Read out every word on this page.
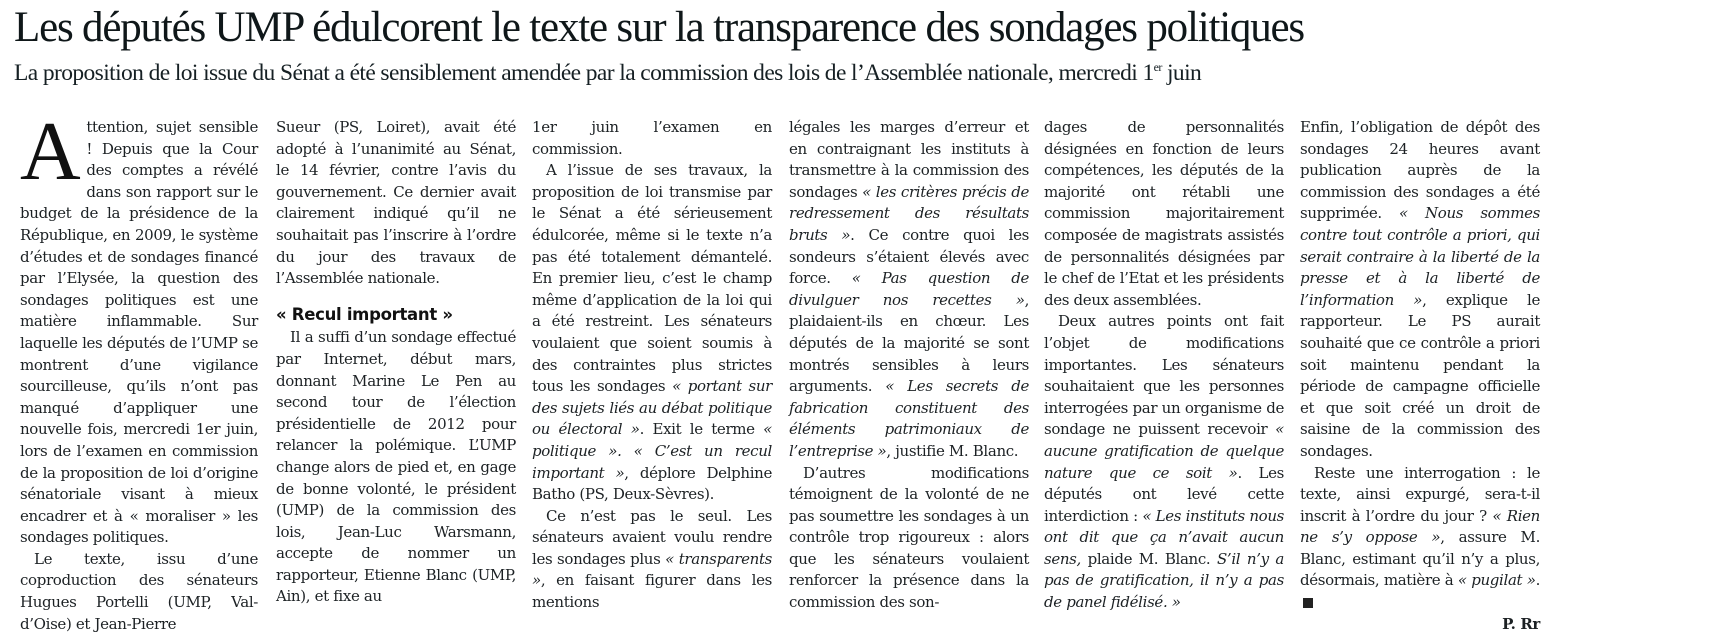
Les députés UMP édulcorent le texte sur la transparence des sondages politiques
La proposition de loi issue du Sénat a été sensiblement amendée par la commission des lois de l’Assemblée nationale, mercredi 1er juin

Attention, sujet sensible ! Depuis que la Cour des comptes a révélé dans son rapport sur le budget de la présidence de la République, en 2009, le système d’études et de sondages financé par l’Elysée, la question des sondages politiques est une matière inflammable. Sur laquelle les députés de l’UMP se montrent d’une vigilance sourcilleuse, qu’ils n’ont pas manqué d’appliquer une nouvelle fois, mercredi 1er juin, lors de l’examen en commission de la proposition de loi d’origine sénatoriale visant à mieux encadrer et à « moraliser » les sondages politiques.

Le texte, issu d’une coproduction des sénateurs Hugues Portelli (UMP, Val-d’Oise) et Jean-Pierre

Sueur (PS, Loiret), avait été adopté à l’unanimité au Sénat, le 14 février, contre l’avis du gouvernement. Ce dernier avait clairement indiqué qu’il ne souhaitait pas l’inscrire à l’ordre du jour des travaux de l’Assemblée nationale.

« Recul important »

Il a suffi d’un sondage effectué par Internet, début mars, donnant Marine Le Pen au second tour de l’élection présidentielle de 2012 pour relancer la polémique. L’UMP change alors de pied et, en gage de bonne volonté, le président (UMP) de la commission des lois, Jean-Luc Warsmann, accepte de nommer un rapporteur, Etienne Blanc (UMP, Ain), et fixe au

1er juin l’examen en commission.

A l’issue de ses travaux, la proposition de loi transmise par le Sénat a été sérieusement édulcorée, même si le texte n’a pas été totalement démantelé. En premier lieu, c’est le champ même d’application de la loi qui a été restreint. Les sénateurs voulaient que soient soumis à des contraintes plus strictes tous les sondages « portant sur des sujets liés au débat politique ou électoral ». Exit le terme « politique ». « C’est un recul important », déplore Delphine Batho (PS, Deux-Sèvres).

Ce n’est pas le seul. Les sénateurs avaient voulu rendre les sondages plus « transparents », en faisant figurer dans les mentions

légales les marges d’erreur et en contraignant les instituts à transmettre à la commission des sondages « les critères précis de redressement des résultats bruts ». Ce contre quoi les sondeurs s’étaient élevés avec force. « Pas question de divulguer nos recettes », plaidaient-ils en chœur. Les députés de la majorité se sont montrés sensibles à leurs arguments. « Les secrets de fabrication constituent des éléments patrimoniaux de l’entreprise », justifie M. Blanc.

D’autres modifications témoignent de la volonté de ne pas soumettre les sondages à un contrôle trop rigoureux : alors que les sénateurs voulaient renforcer la présence dans la commission des son-

dages de personnalités désignées en fonction de leurs compétences, les députés de la majorité ont rétabli une commission majoritairement composée de magistrats assistés de personnalités désignées par le chef de l’Etat et les présidents des deux assemblées.

Deux autres points ont fait l’objet de modifications importantes. Les sénateurs souhaitaient que les personnes interrogées par un organisme de sondage ne puissent recevoir « aucune gratification de quelque nature que ce soit ». Les députés ont levé cette interdiction : « Les instituts nous ont dit que ça n’avait aucun sens, plaide M. Blanc. S’il n’y a pas de gratification, il n’y a pas de panel fidélisé. »

Enfin, l’obligation de dépôt des sondages 24 heures avant publication auprès de la commission des sondages a été supprimée. « Nous sommes contre tout contrôle a priori, qui serait contraire à la liberté de la presse et à la liberté de l’information », explique le rapporteur. Le PS aurait souhaité que ce contrôle a priori soit maintenu pendant la période de campagne officielle et que soit créé un droit de saisine de la commission des sondages.

Reste une interrogation : le texte, ainsi expurgé, sera-t-il inscrit à l’ordre du jour ? « Rien ne s’y oppose », assure M. Blanc, estimant qu’il n’y a plus, désormais, matière à « pugilat ».

P. Rr
